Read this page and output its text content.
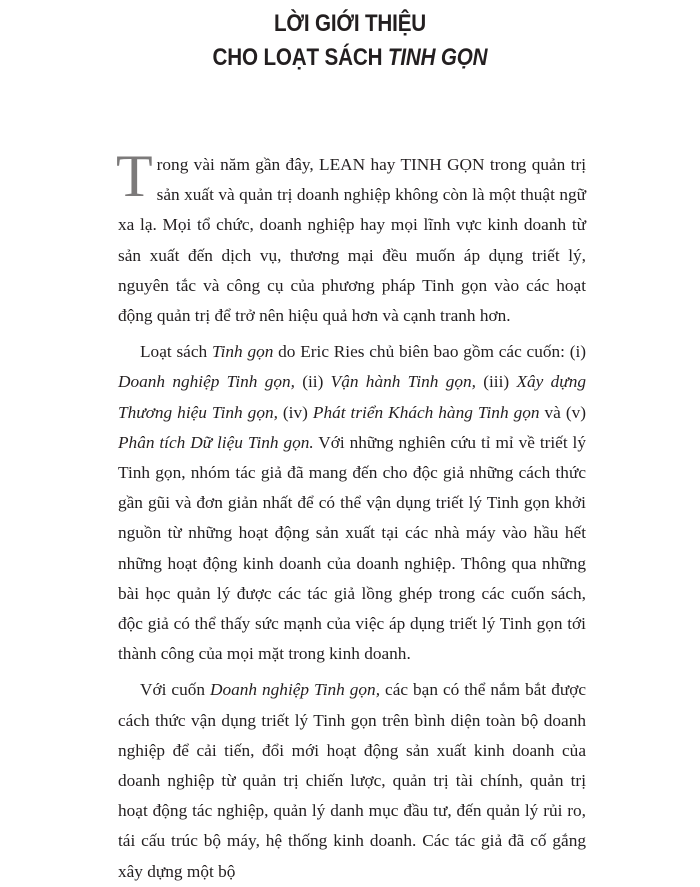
LỜI GIỚI THIỆU
CHO LOẠT SÁCH TINH GỌN

Trong vài năm gần đây, LEAN hay TINH GỌN trong quản trị sản xuất và quản trị doanh nghiệp không còn là một thuật ngữ xa lạ. Mọi tổ chức, doanh nghiệp hay mọi lĩnh vực kinh doanh từ sản xuất đến dịch vụ, thương mại đều muốn áp dụng triết lý, nguyên tắc và công cụ của phương pháp Tinh gọn vào các hoạt động quản trị để trở nên hiệu quả hơn và cạnh tranh hơn.

Loạt sách Tinh gọn do Eric Ries chủ biên bao gồm các cuốn: (i) Doanh nghiệp Tinh gọn, (ii) Vận hành Tinh gọn, (iii) Xây dựng Thương hiệu Tinh gọn, (iv) Phát triển Khách hàng Tinh gọn và (v) Phân tích Dữ liệu Tinh gọn. Với những nghiên cứu tỉ mỉ về triết lý Tinh gọn, nhóm tác giả đã mang đến cho độc giả những cách thức gần gũi và đơn giản nhất để có thể vận dụng triết lý Tinh gọn khởi nguồn từ những hoạt động sản xuất tại các nhà máy vào hầu hết những hoạt động kinh doanh của doanh nghiệp. Thông qua những bài học quản lý được các tác giả lồng ghép trong các cuốn sách, độc giả có thể thấy sức mạnh của việc áp dụng triết lý Tinh gọn tới thành công của mọi mặt trong kinh doanh.

Với cuốn Doanh nghiệp Tinh gọn, các bạn có thể nắm bắt được cách thức vận dụng triết lý Tinh gọn trên bình diện toàn bộ doanh nghiệp để cải tiến, đổi mới hoạt động sản xuất kinh doanh của doanh nghiệp từ quản trị chiến lược, quản trị tài chính, quản trị hoạt động tác nghiệp, quản lý danh mục đầu tư, đến quản lý rủi ro, tái cấu trúc bộ máy, hệ thống kinh doanh. Các tác giả đã cố gắng xây dựng một bộ
